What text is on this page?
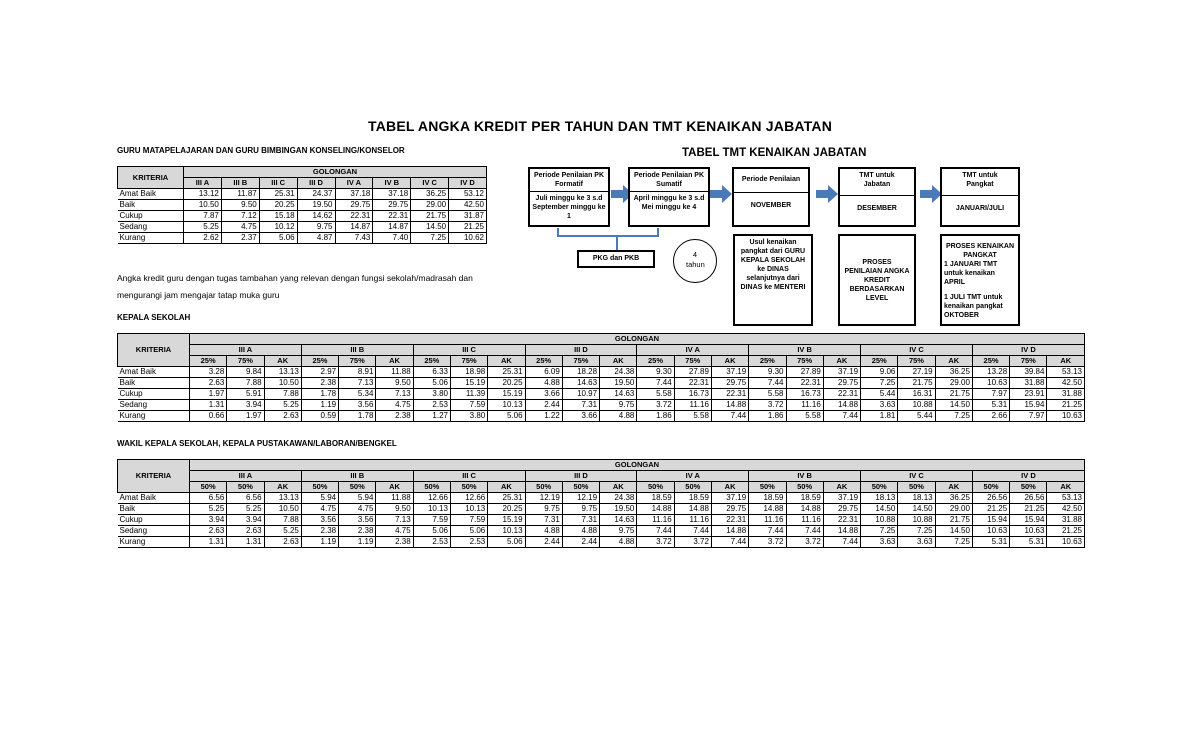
TABEL ANGKA KREDIT PER TAHUN DAN TMT KENAIKAN JABATAN
GURU MATAPELAJARAN DAN GURU BIMBINGAN KONSELING/KONSELOR
KRITERIA	GOLONGAN							
	III A	III B	III C	III D	IV A	IV B	IV C	IV D
Amat Baik	13.12	11.87	25.31	24.37	37.18	37.18	36.25	53.12
Baik	10.50	9.50	20.25	19.50	29.75	29.75	29.00	42.50
Cukup	7.87	7.12	15.18	14.62	22.31	22.31	21.75	31.87
Sedang	5.25	4.75	10.12	9.75	14.87	14.87	14.50	21.25
Kurang	2.62	2.37	5.06	4.87	7.43	7.40	7.25	10.62
Angka kredit guru dengan tugas tambahan yang relevan dengan fungsi sekolah/madrasah dan
mengurangi jam mengajar tatap muka guru
TABEL TMT KENAIKAN JABATAN
Periode Penilaian PK Formatif
Juli minggu ke 3 s.d September minggu ke 1
Periode Penilaian PK Sumatif
April minggu ke 3 s.d Mei minggu ke 4
Periode Penilaian
NOVEMBER
TMT untuk Jabatan
DESEMBER
TMT untuk Pangkat
JANUARI/JULI
PKG dan PKB	4 tahun
Usul kenaikan pangkat dari GURU KEPALA SEKOLAH ke DINAS selanjutnya dari DINAS ke MENTERI
PROSES PENILAIAN ANGKA KREDIT BERDASARKAN LEVEL
PROSES KENAIKAN PANGKAT
1 JANUARI TMT untuk kenaikan APRIL
1 JULI TMT untuk kenaikan pangkat OKTOBER
KEPALA SEKOLAH
KRITERIA	GOLONGAN																							
	III A			III B			III C			III D			IV A			IV B			IV C			IV D		
	25%	75%	AK	25%	75%	AK	25%	75%	AK	25%	75%	AK	25%	75%	AK	25%	75%	AK	25%	75%	AK	25%	75%	AK
Amat Baik	3.28	9.84	13.13	2.97	8.91	11.88	6.33	18.98	25.31	6.09	18.28	24.38	9.30	27.89	37.19	9.30	27.89	37.19	9.06	27.19	36.25	13.28	39.84	53.13
Baik	2.63	7.88	10.50	2.38	7.13	9.50	5.06	15.19	20.25	4.88	14.63	19.50	7.44	22.31	29.75	7.44	22.31	29.75	7.25	21.75	29.00	10.63	31.88	42.50
Cukup	1.97	5.91	7.88	1.78	5.34	7.13	3.80	11.39	15.19	3.66	10.97	14.63	5.58	16.73	22.31	5.58	16.73	22.31	5.44	16.31	21.75	7.97	23.91	31.88
Sedang	1.31	3.94	5.25	1.19	3.56	4.75	2.53	7.59	10.13	2.44	7.31	9.75	3.72	11.16	14.88	3.72	11.16	14.88	3.63	10.88	14.50	5.31	15.94	21.25
Kurang	0.66	1.97	2.63	0.59	1.78	2.38	1.27	3.80	5.06	1.22	3.66	4.88	1.86	5.58	7.44	1.86	5.58	7.44	1.81	5.44	7.25	2.66	7.97	10.63
WAKIL KEPALA SEKOLAH, KEPALA PUSTAKAWAN/LABORAN/BENGKEL
KRITERIA	GOLONGAN																							
	III A			III B			III C			III D			IV A			IV B			IV C			IV D		
	50%	50%	AK	50%	50%	AK	50%	50%	AK	50%	50%	AK	50%	50%	AK	50%	50%	AK	50%	50%	AK	50%	50%	AK
Amat Baik	6.56	6.56	13.13	5.94	5.94	11.88	12.66	12.66	25.31	12.19	12.19	24.38	18.59	18.59	37.19	18.59	18.59	37.19	18.13	18.13	36.25	26.56	26.56	53.13
Baik	5.25	5.25	10.50	4.75	4.75	9.50	10.13	10.13	20.25	9.75	9.75	19.50	14.88	14.88	29.75	14.88	14.88	29.75	14.50	14.50	29.00	21.25	21.25	42.50
Cukup	3.94	3.94	7.88	3.56	3.56	7.13	7.59	7.59	15.19	7.31	7.31	14.63	11.16	11.16	22.31	11.16	11.16	22.31	10.88	10.88	21.75	15.94	15.94	31.88
Sedang	2.63	2.63	5.25	2.38	2.38	4.75	5.06	5.06	10.13	4.88	4.88	9.75	7.44	7.44	14.88	7.44	7.44	14.88	7.25	7.25	14.50	10.63	10.63	21.25
Kurang	1.31	1.31	2.63	1.19	1.19	2.38	2.53	2.53	5.06	2.44	2.44	4.88	3.72	3.72	7.44	3.72	3.72	7.44	3.63	3.63	7.25	5.31	5.31	10.63
